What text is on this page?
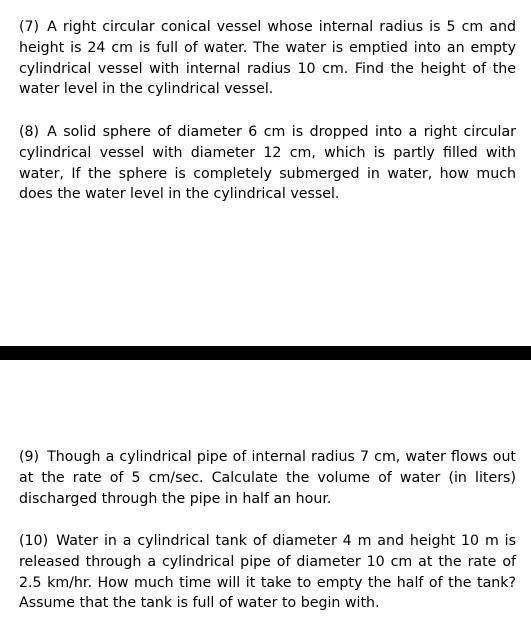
(7) A right circular conical vessel whose internal radius is 5 cm and height is 24 cm is full of water. The water is emptied into an empty cylindrical vessel with internal radius 10 cm. Find the height of the water level in the cylindrical vessel.

(8) A solid sphere of diameter 6 cm is dropped into a right circular cylindrical vessel with diameter 12 cm, which is partly filled with water, If the sphere is completely submerged in water, how much does the water level in the cylindrical vessel.

(9) Though a cylindrical pipe of internal radius 7 cm, water flows out at the rate of 5 cm/sec. Calculate the volume of water (in liters) discharged through the pipe in half an hour.

(10) Water in a cylindrical tank of diameter 4 m and height 10 m is released through a cylindrical pipe of diameter 10 cm at the rate of 2.5 km/hr. How much time will it take to empty the half of the tank? Assume that the tank is full of water to begin with.
